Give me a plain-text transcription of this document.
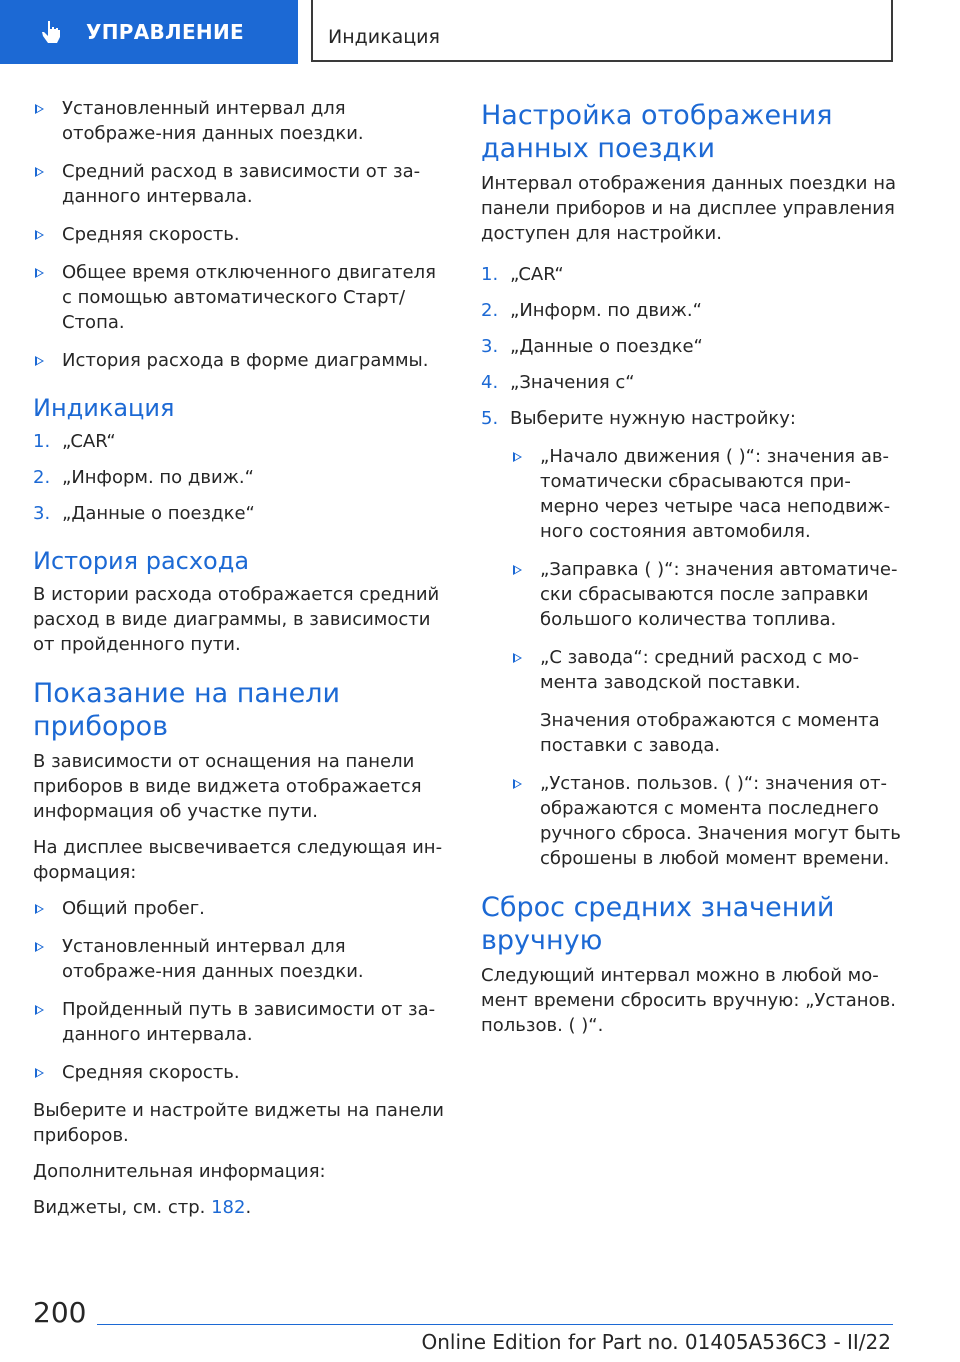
УПРАВЛЕНИЕ	Индикация
Установленный интервал для отображе‐ния данных поездки.
Средний расход в зависимости от за‐данного интервала.
Средняя скорость.
Общее время отключенного двигателя с помощью автоматического Старт/Стопа.
История расхода в форме диаграммы.
Индикация
1. „CAR“
2. „Информ. по движ.“
3. „Данные о поездке“
История расхода
В истории расхода отображается средний расход в виде диаграммы, в зависимости от пройденного пути.
Показание на панели приборов
В зависимости от оснащения на панели приборов в виде виджета отображается информация об участке пути.
На дисплее высвечивается следующая ин‐формация:
Общий пробег.
Установленный интервал для отображе‐ния данных поездки.
Пройденный путь в зависимости от за‐данного интервала.
Средняя скорость.
Выберите и настройте виджеты на панели приборов.
Дополнительная информация:
Виджеты, см. стр. 182.
Настройка отображения данных поездки
Интервал отображения данных поездки на панели приборов и на дисплее управления доступен для настройки.
1. „CAR“
2. „Информ. по движ.“
3. „Данные о поездке“
4. „Значения с“
5. Выберите нужную настройку:
„Начало движения ( )“: значения ав‐томатически сбрасываются при‐мерно через четыре часа неподвиж‐ного состояния автомобиля.
„Заправка ( )“: значения автоматиче‐ски сбрасываются после заправки большого количества топлива.
„С завода“: средний расход с мо‐мента заводской поставки.
Значения отображаются с момента поставки с завода.
„Установ. пользов. ( )“: значения от‐ображаются с момента последнего ручного сброса. Значения могут быть сброшены в любой момент времени.
Сброс средних значений вручную
Следующий интервал можно в любой мо‐мент времени сбросить вручную: „Установ. пользов. ( )“.
200
Online Edition for Part no. 01405A536C3 - II/22
